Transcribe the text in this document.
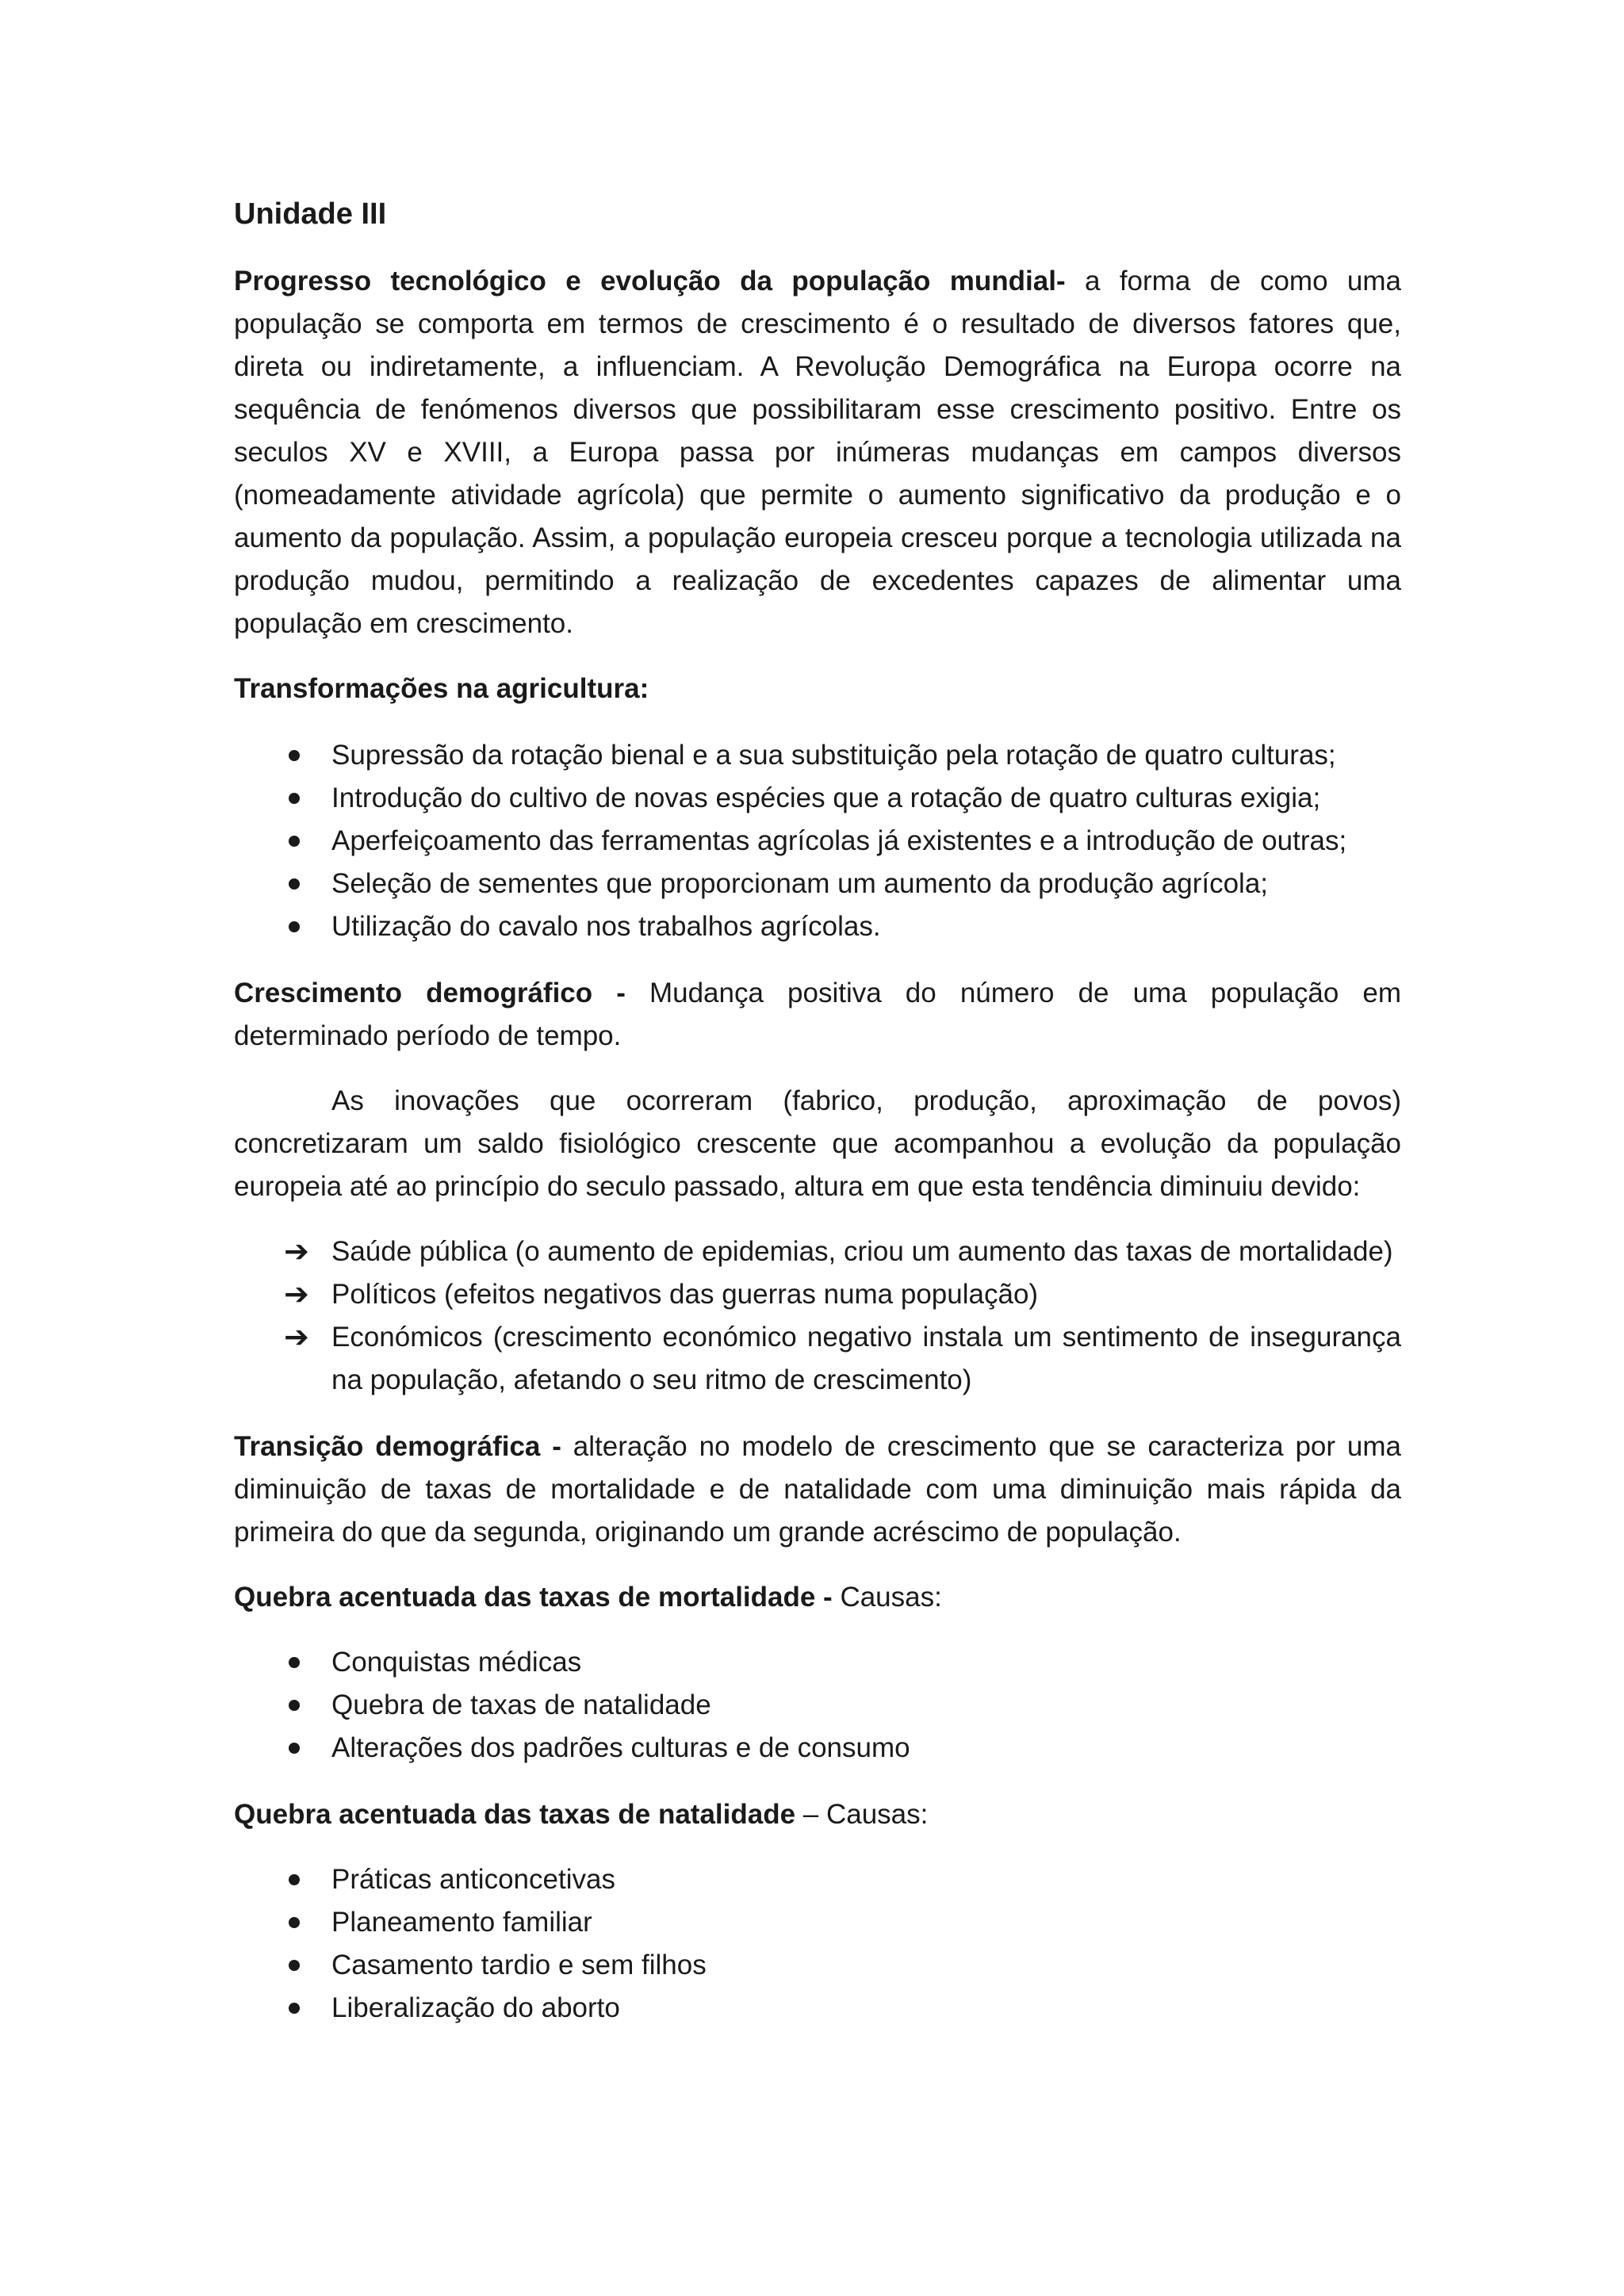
Unidade III

Progresso tecnológico e evolução da população mundial- a forma de como uma população se comporta em termos de crescimento é o resultado de diversos fatores que, direta ou indiretamente, a influenciam. A Revolução Demográfica na Europa ocorre na sequência de fenómenos diversos que possibilitaram esse crescimento positivo. Entre os seculos XV e XVIII, a Europa passa por inúmeras mudanças em campos diversos (nomeadamente atividade agrícola) que permite o aumento significativo da produção e o aumento da população. Assim, a população europeia cresceu porque a tecnologia utilizada na produção mudou, permitindo a realização de excedentes capazes de alimentar uma população em crescimento.

Transformações na agricultura:
Supressão da rotação bienal e a sua substituição pela rotação de quatro culturas;
Introdução do cultivo de novas espécies que a rotação de quatro culturas exigia;
Aperfeiçoamento das ferramentas agrícolas já existentes e a introdução de outras;
Seleção de sementes que proporcionam um aumento da produção agrícola;
Utilização do cavalo nos trabalhos agrícolas.

Crescimento demográfico - Mudança positiva do número de uma população em determinado período de tempo.

As inovações que ocorreram (fabrico, produção, aproximação de povos) concretizaram um saldo fisiológico crescente que acompanhou a evolução da população europeia até ao princípio do seculo passado, altura em que esta tendência diminuiu devido:

➔ Saúde pública (o aumento de epidemias, criou um aumento das taxas de mortalidade)
➔ Políticos (efeitos negativos das guerras numa população)
➔ Económicos (crescimento económico negativo instala um sentimento de insegurança na população, afetando o seu ritmo de crescimento)

Transição demográfica - alteração no modelo de crescimento que se caracteriza por uma diminuição de taxas de mortalidade e de natalidade com uma diminuição mais rápida da primeira do que da segunda, originando um grande acréscimo de população.

Quebra acentuada das taxas de mortalidade - Causas:

Conquistas médicas
Quebra de taxas de natalidade
Alterações dos padrões culturas e de consumo

Quebra acentuada das taxas de natalidade – Causas:

Práticas anticoncetivas
Planeamento familiar
Casamento tardio e sem filhos
Liberalização do aborto
